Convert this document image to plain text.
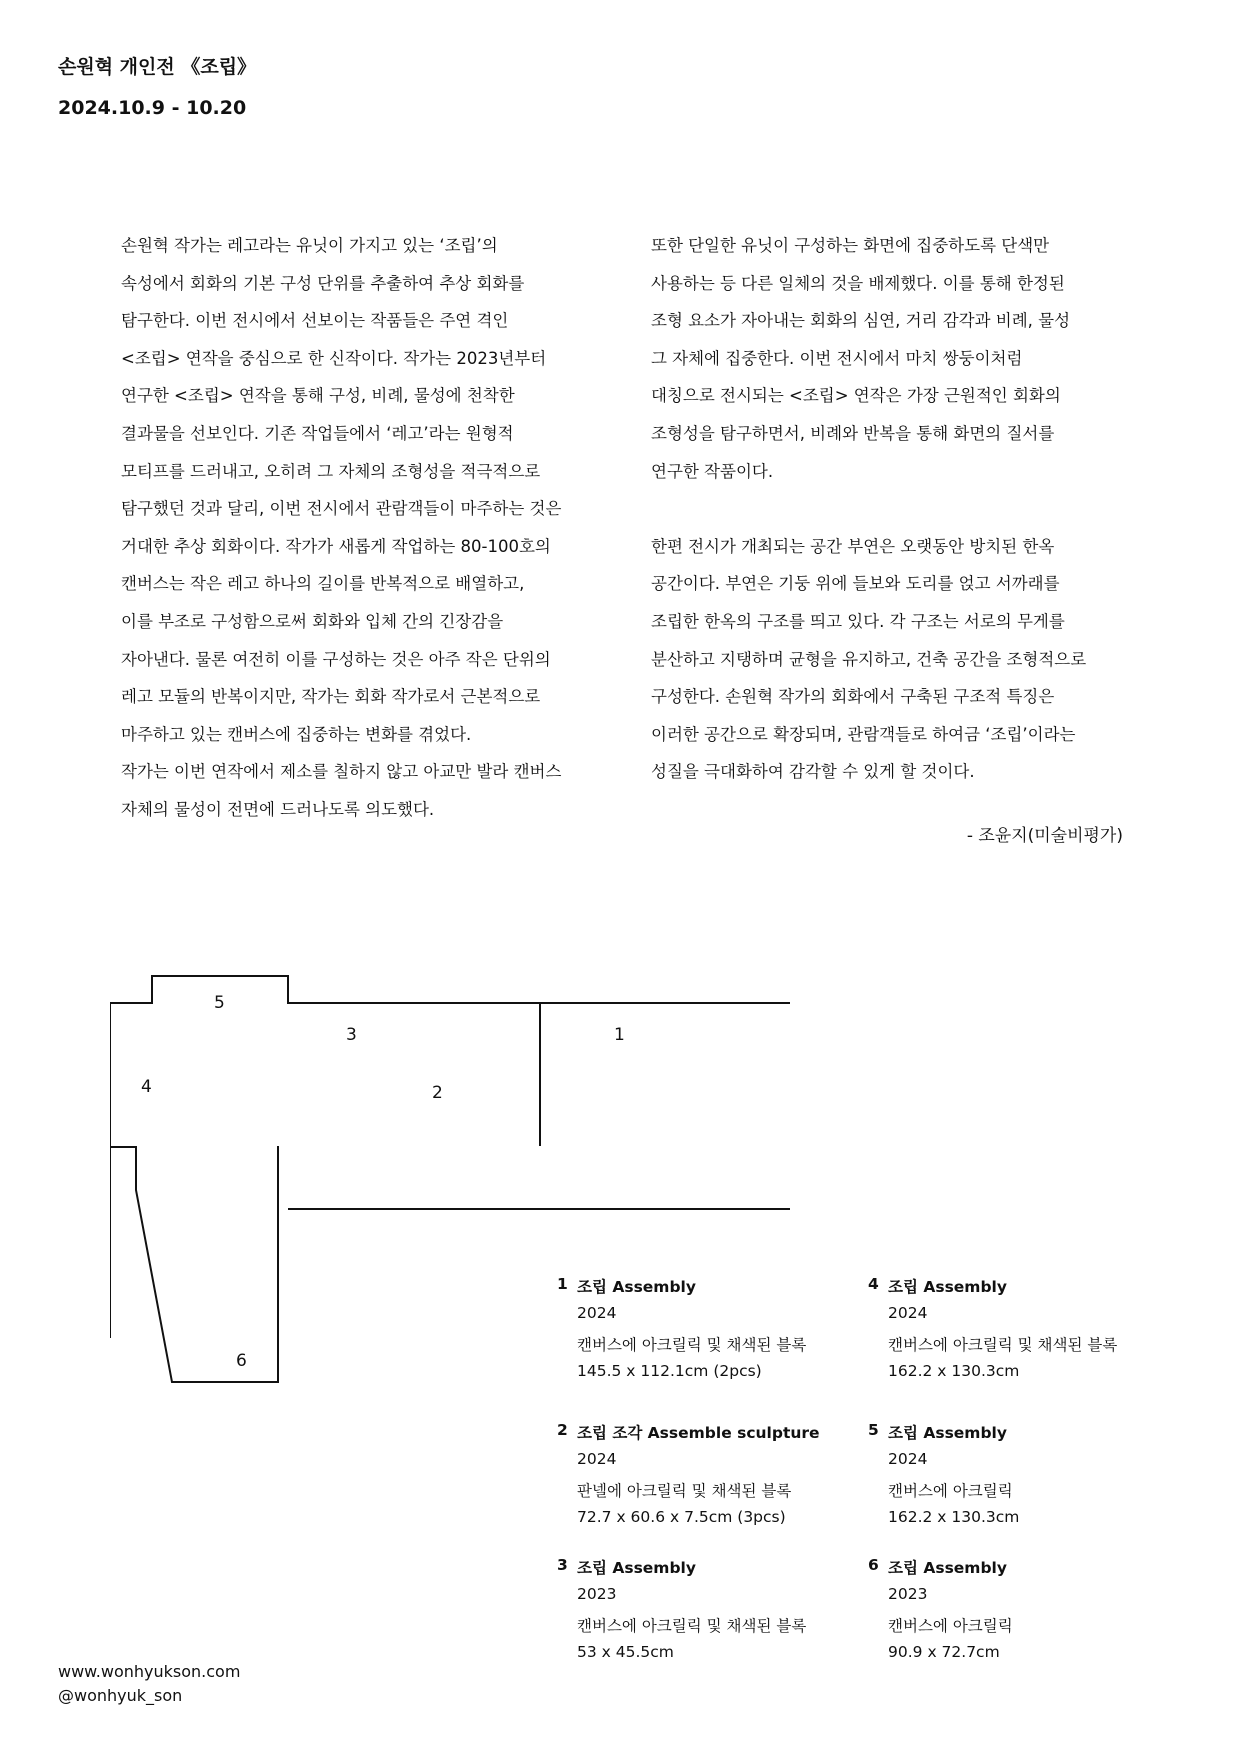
손원혁 개인전 《조립》
2024.10.9 - 10.20
손원혁 작가는 레고라는 유닛이 가지고 있는 ‘조립’의
속성에서 회화의 기본 구성 단위를 추출하여 추상 회화를
탐구한다. 이번 전시에서 선보이는 작품들은 주연 격인
<조립> 연작을 중심으로 한 신작이다. 작가는 2023년부터
연구한 <조립> 연작을 통해 구성, 비례, 물성에 천착한
결과물을 선보인다. 기존 작업들에서 ‘레고’라는 원형적
모티프를 드러내고, 오히려 그 자체의 조형성을 적극적으로
탐구했던 것과 달리, 이번 전시에서 관람객들이 마주하는 것은
거대한 추상 회화이다. 작가가 새롭게 작업하는 80-100호의
캔버스는 작은 레고 하나의 길이를 반복적으로 배열하고,
이를 부조로 구성함으로써 회화와 입체 간의 긴장감을
자아낸다. 물론 여전히 이를 구성하는 것은 아주 작은 단위의
레고 모듈의 반복이지만, 작가는 회화 작가로서 근본적으로
마주하고 있는 캔버스에 집중하는 변화를 겪었다.
작가는 이번 연작에서 제소를 칠하지 않고 아교만 발라 캔버스
자체의 물성이 전면에 드러나도록 의도했다.
또한 단일한 유닛이 구성하는 화면에 집중하도록 단색만
사용하는 등 다른 일체의 것을 배제했다. 이를 통해 한정된
조형 요소가 자아내는 회화의 심연, 거리 감각과 비례, 물성
그 자체에 집중한다. 이번 전시에서 마치 쌍둥이처럼
대칭으로 전시되는 <조립> 연작은 가장 근원적인 회화의
조형성을 탐구하면서, 비례와 반복을 통해 화면의 질서를
연구한 작품이다.
한편 전시가 개최되는 공간 부연은 오랫동안 방치된 한옥
공간이다. 부연은 기둥 위에 들보와 도리를 얹고 서까래를
조립한 한옥의 구조를 띄고 있다. 각 구조는 서로의 무게를
분산하고 지탱하며 균형을 유지하고, 건축 공간을 조형적으로
구성한다. 손원혁 작가의 회화에서 구축된 구조적 특징은
이러한 공간으로 확장되며, 관람객들로 하여금 ‘조립’이라는
성질을 극대화하여 감각할 수 있게 할 것이다.
- 조윤지(미술비평가)
1
2
3
4
5
6
1 조립 Assembly
2024
캔버스에 아크릴릭 및 채색된 블록
145.5 x 112.1cm (2pcs)
2 조립 조각 Assemble sculpture
2024
판넬에 아크릴릭 및 채색된 블록
72.7 x 60.6 x 7.5cm (3pcs)
3 조립 Assembly
2023
캔버스에 아크릴릭 및 채색된 블록
53 x 45.5cm
4 조립 Assembly
2024
캔버스에 아크릴릭 및 채색된 블록
162.2 x 130.3cm
5 조립 Assembly
2024
캔버스에 아크릴릭
162.2 x 130.3cm
6 조립 Assembly
2023
캔버스에 아크릴릭
90.9 x 72.7cm
www.wonhyukson.com
@wonhyuk_son
